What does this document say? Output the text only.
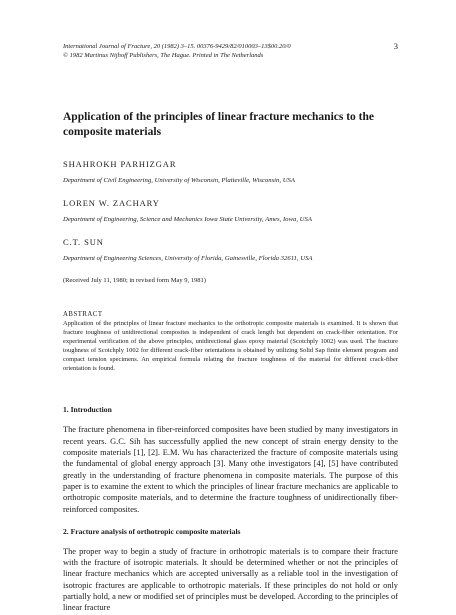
International Journal of Fracture, 20 (1982) 3–15. 00376-9429/82/010003–13$00.20/0
© 1982 Martinus Nijhoff Publishers, The Hague. Printed in The Netherlands
3
Application of the principles of linear fracture mechanics to the composite materials
SHAHROKH PARHIZGAR
Department of Civil Engineering, University of Wisconsin, Platteville, Wisconsin, USA
LOREN W. ZACHARY
Department of Engineering, Science and Mechanics Iowa State University, Ames, Iowa, USA
C.T. SUN
Department of Engineering Sciences, University of Florida, Gainesville, Florida 32611, USA
(Received July 11, 1980; in revised form May 9, 1981)
ABSTRACT

Application of the principles of linear fracture mechanics to the orthotropic composite materials is examined. It is shown that fracture toughness of unidirectional composites is independent of crack length but dependent on crack-fiber orientation. For experimental verification of the above principles, unidirectional glass epoxy material (Scotchply 1002) was used. The fracture toughness of Scotchply 1002 for different crack-fiber orientations is obtained by utilizing Solid Sap finite element program and compact tension specimens. An empirical formula relating the fracture toughness of the material for different crack-fiber orientation is found.

1. Introduction

The fracture phenomena in fiber-reinforced composites have been studied by many investigators in recent years. G.C. Sih has successfully applied the new concept of strain energy density to the composite materials [1], [2]. E.M. Wu has characterized the fracture of composite materials using the fundamental of global energy approach [3]. Many othe investigators [4], [5] have contributed greatly in the understanding of fracture phenomena in composite materials. The purpose of this paper is to examine the extent to which the principles of linear fracture mechanics are applicable to orthotropic composite materials, and to determine the fracture toughness of unidirectionally fiber-reinforced composites.

2. Fracture analysis of orthotropic composite materials

The proper way to begin a study of fracture in orthotropic materials is to compare their fracture with the fracture of isotropic materials. It should be determined whether or not the principles of linear fracture mechanics which are accepted universally as a reliable tool in the investigation of isotropic fractures are applicable to orthotropic materials. If these principles do not hold or only partially hold, a new or modified set of principles must be developed. According to the principles of linear fracture
